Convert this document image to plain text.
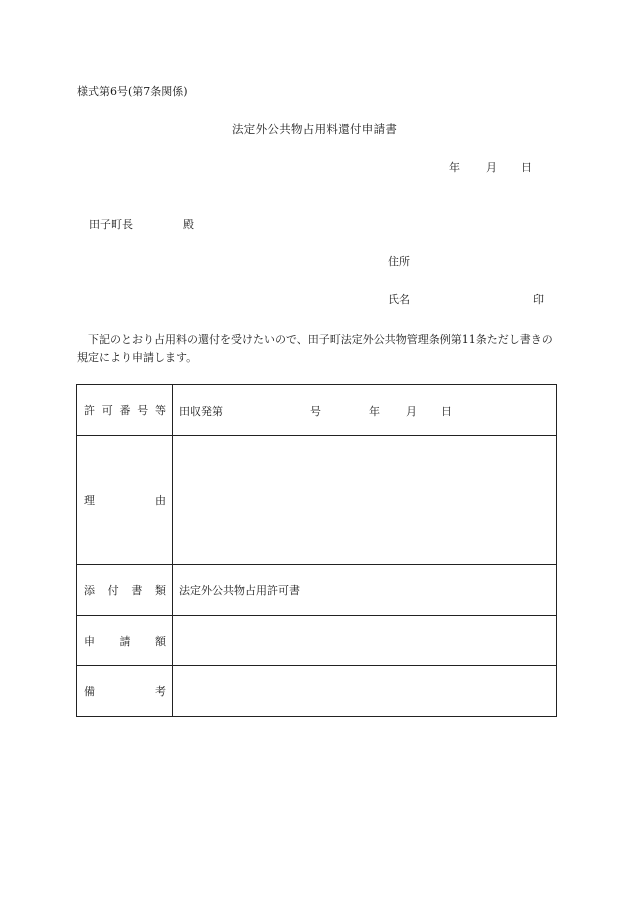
様式第6号(第7条関係)
法定外公共物占用料還付申請書
年 月 日
田子町長	殿
住所
氏名	印
　下記のとおり占用料の還付を受けたいので、田子町法定外公共物管理条例第11条ただし書きの規定により申請します。
許 可 番 号 等	田収発第 号 年 月 日

理 由	

添 付 書 類	法定外公共物占用許可書

申 請 額	

備 考	
